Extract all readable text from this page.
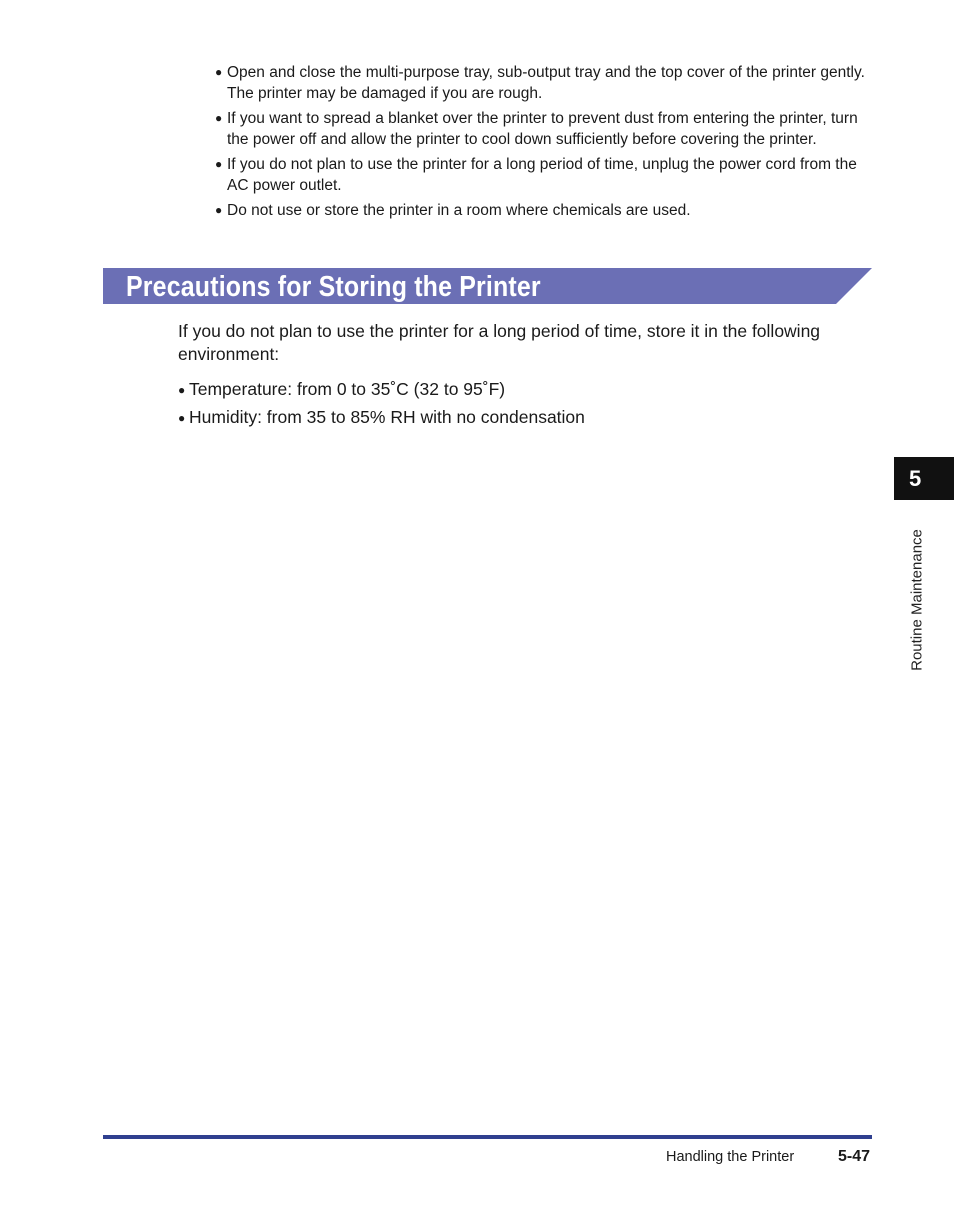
● Open and close the multi-purpose tray, sub-output tray and the top cover of the printer gently. The printer may be damaged if you are rough.
● If you want to spread a blanket over the printer to prevent dust from entering the printer, turn the power off and allow the printer to cool down sufficiently before covering the printer.
● If you do not plan to use the printer for a long period of time, unplug the power cord from the AC power outlet.
● Do not use or store the printer in a room where chemicals are used.
Precautions for Storing the Printer

If you do not plan to use the printer for a long period of time, store it in the following environment:

● Temperature: from 0 to 35˚C (32 to 95˚F)
● Humidity: from 35 to 85% RH with no condensation
5
Routine Maintenance
Handling the Printer	5-47
